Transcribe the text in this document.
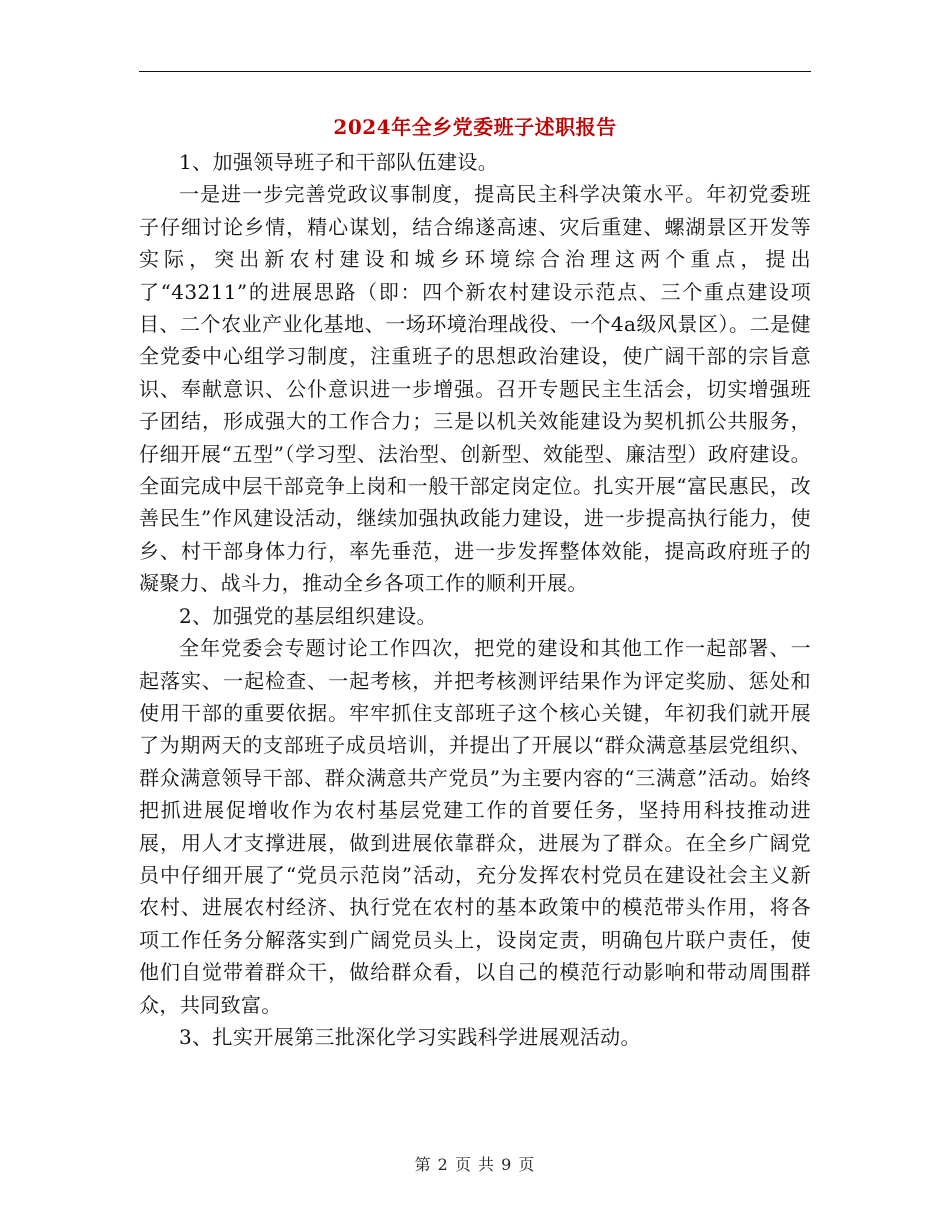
2024年全乡党委班子述职报告

1、加强领导班子和干部队伍建设。

一是进一步完善党政议事制度，提高民主科学决策水平。年初党委班子仔细讨论乡情，精心谋划，结合绵遂高速、灾后重建、螺湖景区开发等实际，突出新农村建设和城乡环境综合治理这两个重点，提出了“43211”的进展思路（即：四个新农村建设示范点、三个重点建设项目、二个农业产业化基地、一场环境治理战役、一个4a级风景区）。二是健全党委中心组学习制度，注重班子的思想政治建设，使广阔干部的宗旨意识、奉献意识、公仆意识进一步增强。召开专题民主生活会，切实增强班子团结，形成强大的工作合力；三是以机关效能建设为契机抓公共服务，仔细开展“五型”（学习型、法治型、创新型、效能型、廉洁型）政府建设。全面完成中层干部竞争上岗和一般干部定岗定位。扎实开展“富民惠民，改善民生”作风建设活动，继续加强执政能力建设，进一步提高执行能力，使乡、村干部身体力行，率先垂范，进一步发挥整体效能，提高政府班子的凝聚力、战斗力，推动全乡各项工作的顺利开展。

2、加强党的基层组织建设。

全年党委会专题讨论工作四次，把党的建设和其他工作一起部署、一起落实、一起检查、一起考核，并把考核测评结果作为评定奖励、惩处和使用干部的重要依据。牢牢抓住支部班子这个核心关键，年初我们就开展了为期两天的支部班子成员培训，并提出了开展以“群众满意基层党组织、群众满意领导干部、群众满意共产党员”为主要内容的“三满意”活动。始终把抓进展促增收作为农村基层党建工作的首要任务，坚持用科技推动进展，用人才支撑进展，做到进展依靠群众，进展为了群众。在全乡广阔党员中仔细开展了“党员示范岗”活动，充分发挥农村党员在建设社会主义新农村、进展农村经济、执行党在农村的基本政策中的模范带头作用，将各项工作任务分解落实到广阔党员头上，设岗定责，明确包片联户责任，使他们自觉带着群众干，做给群众看，以自己的模范行动影响和带动周围群众，共同致富。

3、扎实开展第三批深化学习实践科学进展观活动。

第 2 页 共 9 页
